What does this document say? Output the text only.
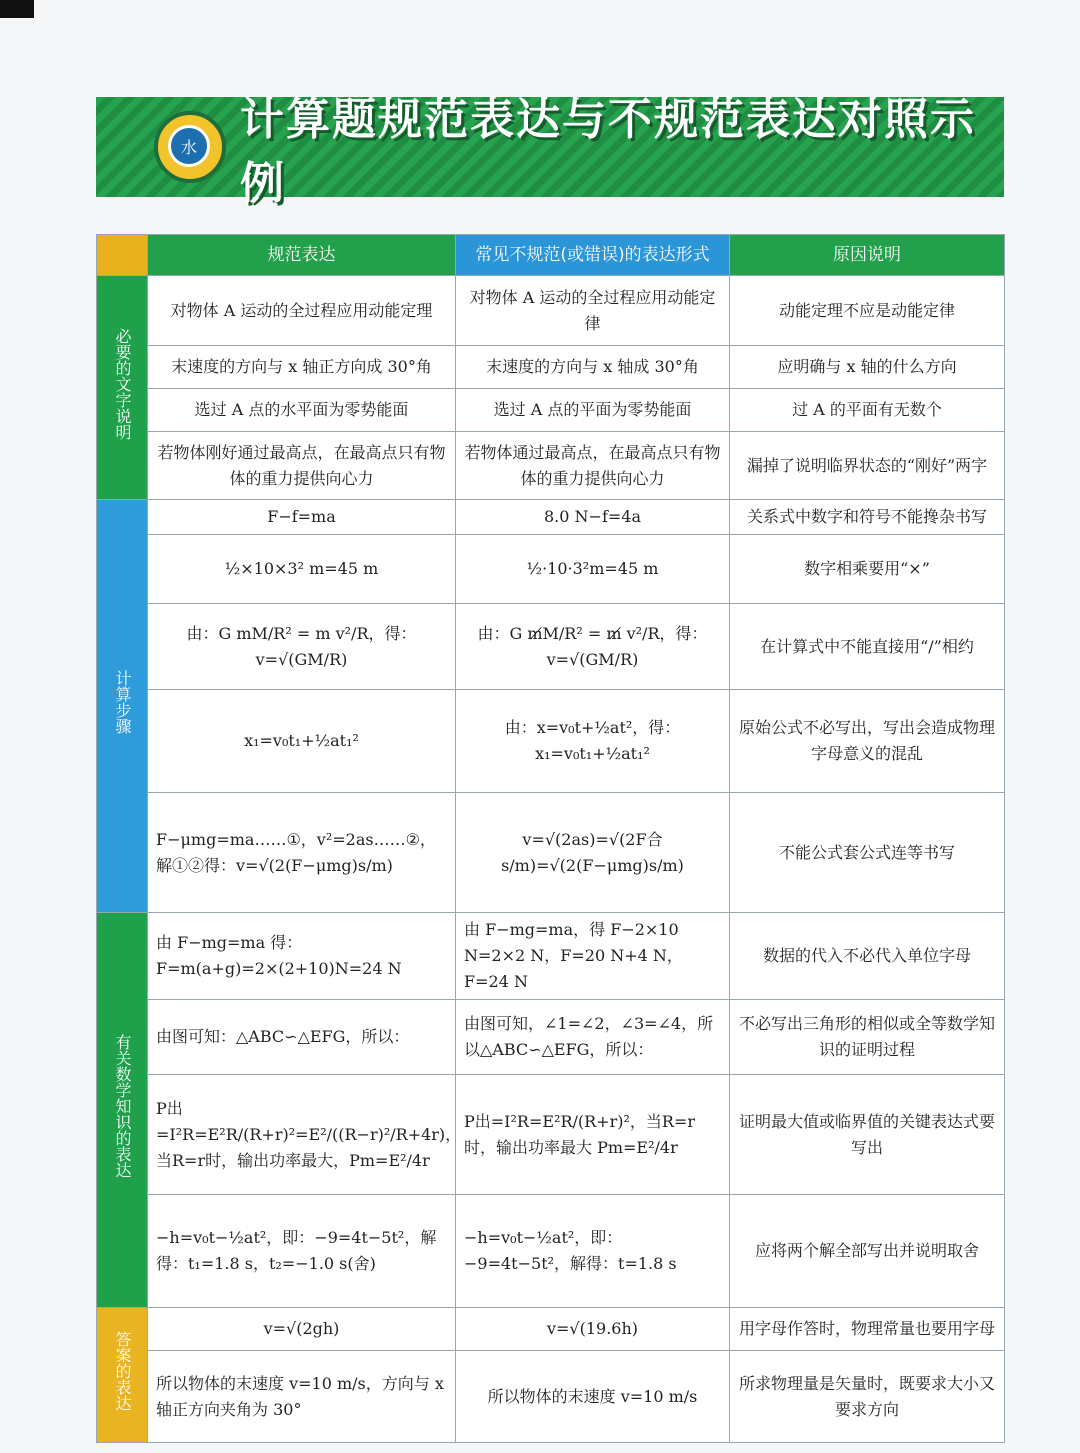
水
计算题规范表达与不规范表达对照示例
	规范表达	常见不规范(或错误)的表达形式	原因说明
必要的文字说明	对物体 A 运动的全过程应用动能定理	对物体 A 运动的全过程应用动能定律	动能定理不应是动能定律
	末速度的方向与 x 轴正方向成 30°角	末速度的方向与 x 轴成 30°角	应明确与 x 轴的什么方向
	选过 A 点的水平面为零势能面	选过 A 点的平面为零势能面	过 A 的平面有无数个
	若物体刚好通过最高点，在最高点只有物体的重力提供向心力	若物体通过最高点，在最高点只有物体的重力提供向心力	漏掉了说明临界状态的“刚好”两字
计算步骤	F−f=ma	8.0 N−f=4a	关系式中数字和符号不能搀杂书写
	½×10×3² m=45 m	½·10·3²m=45 m	数字相乘要用“×”
	由：G mM/R² = m v²/R，得：v=√(GM/R)	由：G m̸M/R² = m̸ v²/R，得：v=√(GM/R)	在计算式中不能直接用“/”相约
	x₁=v₀t₁+½at₁²	由：x=v₀t+½at²，得：x₁=v₀t₁+½at₁²	原始公式不必写出，写出会造成物理字母意义的混乱
	F−μmg=ma……①，v²=2as……②，解①②得：v=√(2(F−μmg)s/m)	v=√(2as)=√(2F合s/m)=√(2(F−μmg)s/m)	不能公式套公式连等书写
有关数学知识的表达	由 F−mg=ma 得：F=m(a+g)=2×(2+10)N=24 N	由 F−mg=ma，得 F−2×10 N=2×2 N，F=20 N+4 N，F=24 N	数据的代入不必代入单位字母
	由图可知：△ABC∽△EFG，所以：	由图可知，∠1=∠2，∠3=∠4，所以△ABC∽△EFG，所以：	不必写出三角形的相似或全等数学知识的证明过程
	P出=I²R=E²R/(R+r)²=E²/((R−r)²/R+4r)，当R=r时，输出功率最大，Pm=E²/4r	P出=I²R=E²R/(R+r)²，当R=r时，输出功率最大 Pm=E²/4r	证明最大值或临界值的关键表达式要写出
	−h=v₀t−½at²，即：−9=4t−5t²，解得：t₁=1.8 s，t₂=−1.0 s(舍)	−h=v₀t−½at²，即：−9=4t−5t²，解得：t=1.8 s	应将两个解全部写出并说明取舍
答案的表达	v=√(2gh)	v=√(19.6h)	用字母作答时，物理常量也要用字母
	所以物体的末速度 v=10 m/s，方向与 x 轴正方向夹角为 30°	所以物体的末速度 v=10 m/s	所求物理量是矢量时，既要求大小又要求方向
